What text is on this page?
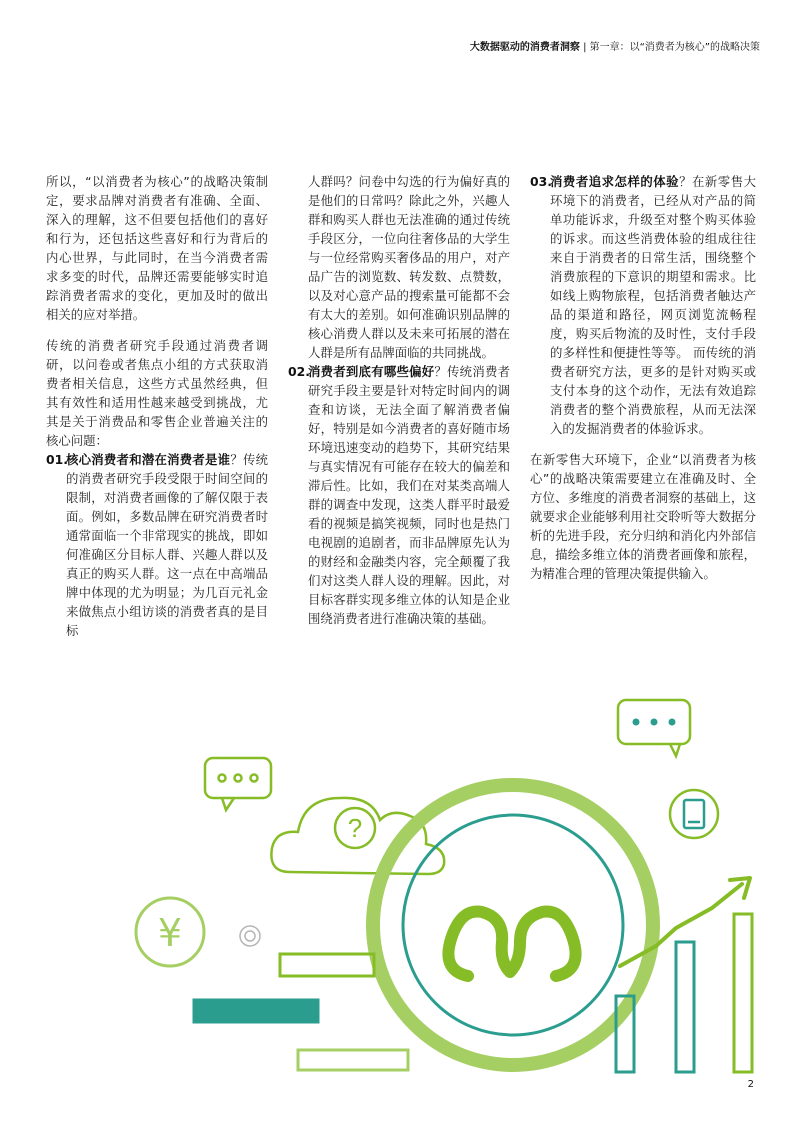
大数据驱动的消费者洞察 | 第一章：以“消费者为核心”的战略决策

所以，“以消费者为核心”的战略决策制定，要求品牌对消费者有准确、全面、深入的理解，这不但要包括他们的喜好和行为，还包括这些喜好和行为背后的内心世界，与此同时，在当今消费者需求多变的时代，品牌还需要能够实时追踪消费者需求的变化，更加及时的做出相关的应对举措。

传统的消费者研究手段通过消费者调研，以问卷或者焦点小组的方式获取消费者相关信息，这些方式虽然经典，但其有效性和适用性越来越受到挑战，尤其是关于消费品和零售企业普遍关注的核心问题：

01.
核心消费者和潜在消费者是谁？传统的消费者研究手段受限于时间空间的限制，对消费者画像的了解仅限于表面。例如，多数品牌在研究消费者时通常面临一个非常现实的挑战，即如何准确区分目标人群、兴趣人群以及真正的购买人群。这一点在中高端品牌中体现的尤为明显；为几百元礼金来做焦点小组访谈的消费者真的是目标

人群吗？问卷中勾选的行为偏好真的是他们的日常吗？除此之外，兴趣人群和购买人群也无法准确的通过传统手段区分，一位向往奢侈品的大学生与一位经常购买奢侈品的用户，对产品广告的浏览数、转发数、点赞数，以及对心意产品的搜索量可能都不会有太大的差别。如何准确识别品牌的核心消费人群以及未来可拓展的潜在人群是所有品牌面临的共同挑战。

02.
消费者到底有哪些偏好？传统消费者研究手段主要是针对特定时间内的调查和访谈，无法全面了解消费者偏好，特别是如今消费者的喜好随市场环境迅速变动的趋势下，其研究结果与真实情况有可能存在较大的偏差和滞后性。比如，我们在对某类高端人群的调查中发现，这类人群平时最爱看的视频是搞笑视频，同时也是热门电视剧的追剧者，而非品牌原先认为的财经和金融类内容，完全颠覆了我们对这类人群人设的理解。因此，对目标客群实现多维立体的认知是企业围绕消费者进行准确决策的基础。
03.
消费者追求怎样的体验？在新零售大环境下的消费者，已经从对产品的简单功能诉求，升级至对整个购买体验的诉求。而这些消费体验的组成往往来自于消费者的日常生活，围绕整个消费旅程的下意识的期望和需求。比如线上购物旅程，包括消费者触达产品的渠道和路径，网页浏览流畅程度，购买后物流的及时性，支付手段的多样性和便捷性等等。 而传统的消费者研究方法，更多的是针对购买或支付本身的这个动作，无法有效追踪消费者的整个消费旅程，从而无法深入的发掘消费者的体验诉求。

在新零售大环境下，企业“以消费者为核心”的战略决策需要建立在准确及时、全方位、多维度的消费者洞察的基础上，这就要求企业能够利用社交聆听等大数据分析的先进手段，充分归纳和消化内外部信息，描绘多维立体的消费者画像和旅程，为精准合理的管理决策提供输入。

?
¥
2
